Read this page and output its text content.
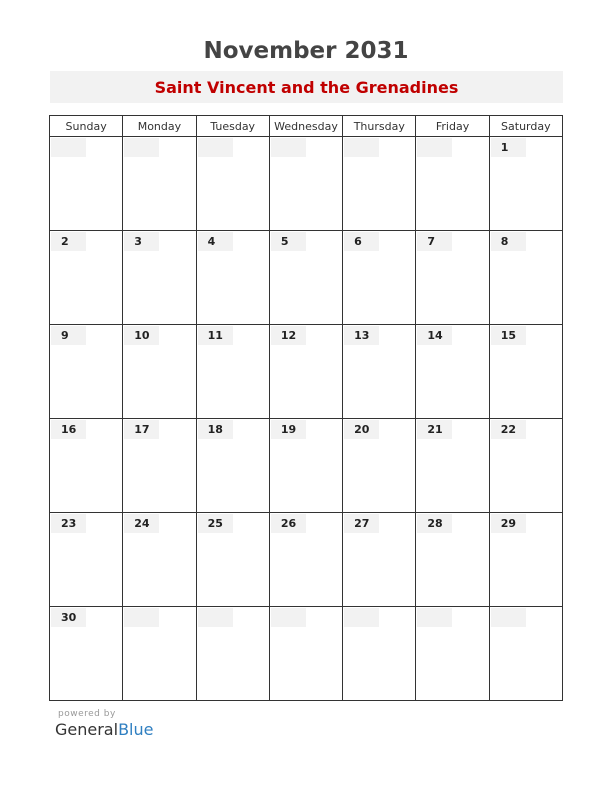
November 2031
Saint Vincent and the Grenadines
Sunday	Monday	Tuesday	Wednesday	Thursday	Friday	Saturday

						1

2	3	4	5	6	7	8

9	10	11	12	13	14	15

16	17	18	19	20	21	22

23	24	25	26	27	28	29

30						

powered by
GeneralBlue
